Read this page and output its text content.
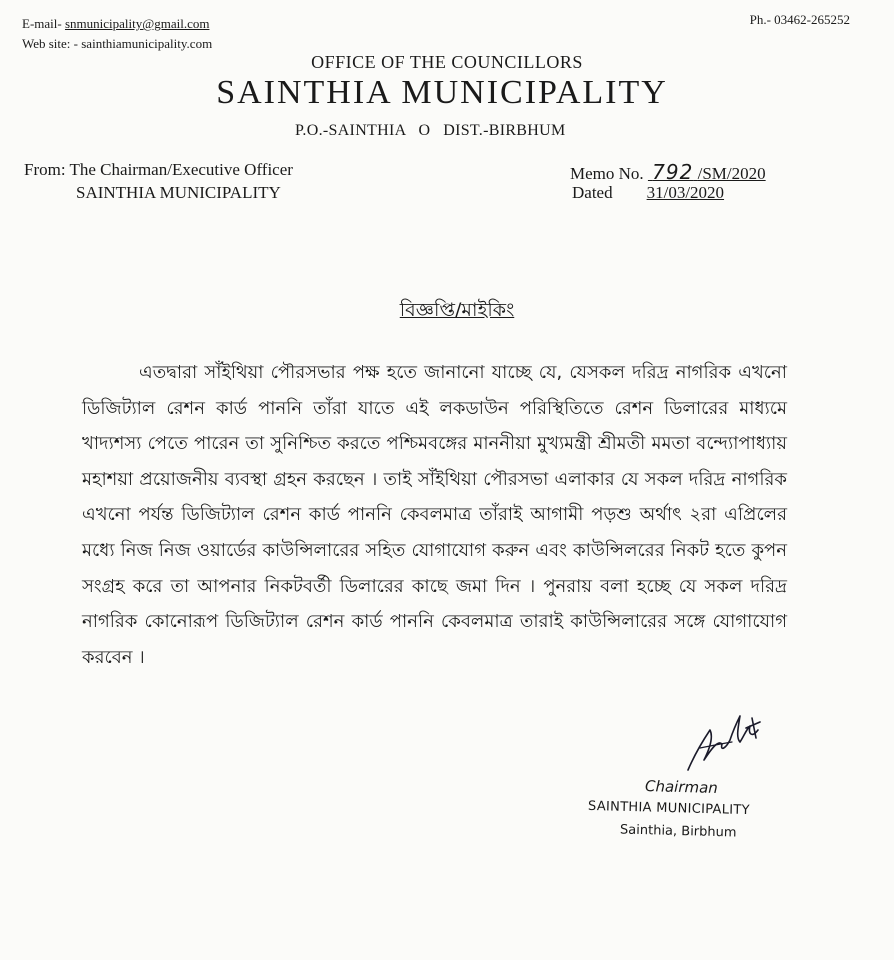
E-mail- snmunicipality@gmail.com
Web site: - sainthiamunicipality.com
Ph.- 03462-265252
OFFICE OF THE COUNCILLORS
SAINTHIA MUNICIPALITY
P.O.-SAINTHIA   O   DIST.-BIRBHUM
From: The Chairman/Executive Officer
SAINTHIA MUNICIPALITY
Memo No. 792 /SM/2020
Dated 31/03/2020
বিজ্ঞপ্তি/মাইকিং

এতদ্বারা সাঁইথিয়া পৌরসভার পক্ষ হতে জানানো যাচ্ছে যে, যেসকল দরিদ্র নাগরিক এখনো ডিজিট্যাল রেশন কার্ড পাননি তাঁরা যাতে এই লকডাউন পরিস্থিতিতে রেশন ডিলারের মাধ্যমে খাদ্যশস্য পেতে পারেন তা সুনিশ্চিত করতে পশ্চিমবঙ্গের মাননীয়া মুখ্যমন্ত্রী শ্রীমতী মমতা বন্দ্যোপাধ্যায় মহাশয়া প্রয়োজনীয় ব্যবস্থা গ্রহন করছেন । তাই সাঁইথিয়া পৌরসভা এলাকার যে সকল দরিদ্র নাগরিক এখনো পর্যন্ত ডিজিট্যাল রেশন কার্ড পাননি কেবলমাত্র তাঁরাই আগামী পড়শু অর্থাৎ ২রা এপ্রিলের মধ্যে নিজ নিজ ওয়ার্ডের কাউন্সিলারের সহিত যোগাযোগ করুন এবং কাউন্সিলরের নিকট হতে কুপন সংগ্রহ করে তা আপনার নিকটবর্তী ডিলারের কাছে জমা দিন । পুনরায় বলা হচ্ছে যে সকল দরিদ্র নাগরিক কোনোরূপ ডিজিট্যাল রেশন কার্ড পাননি কেবলমাত্র তারাই কাউন্সিলারের সঙ্গে যোগাযোগ করবেন ।

Chairman
SAINTHIA MUNICIPALITY
Sainthia, Birbhum
